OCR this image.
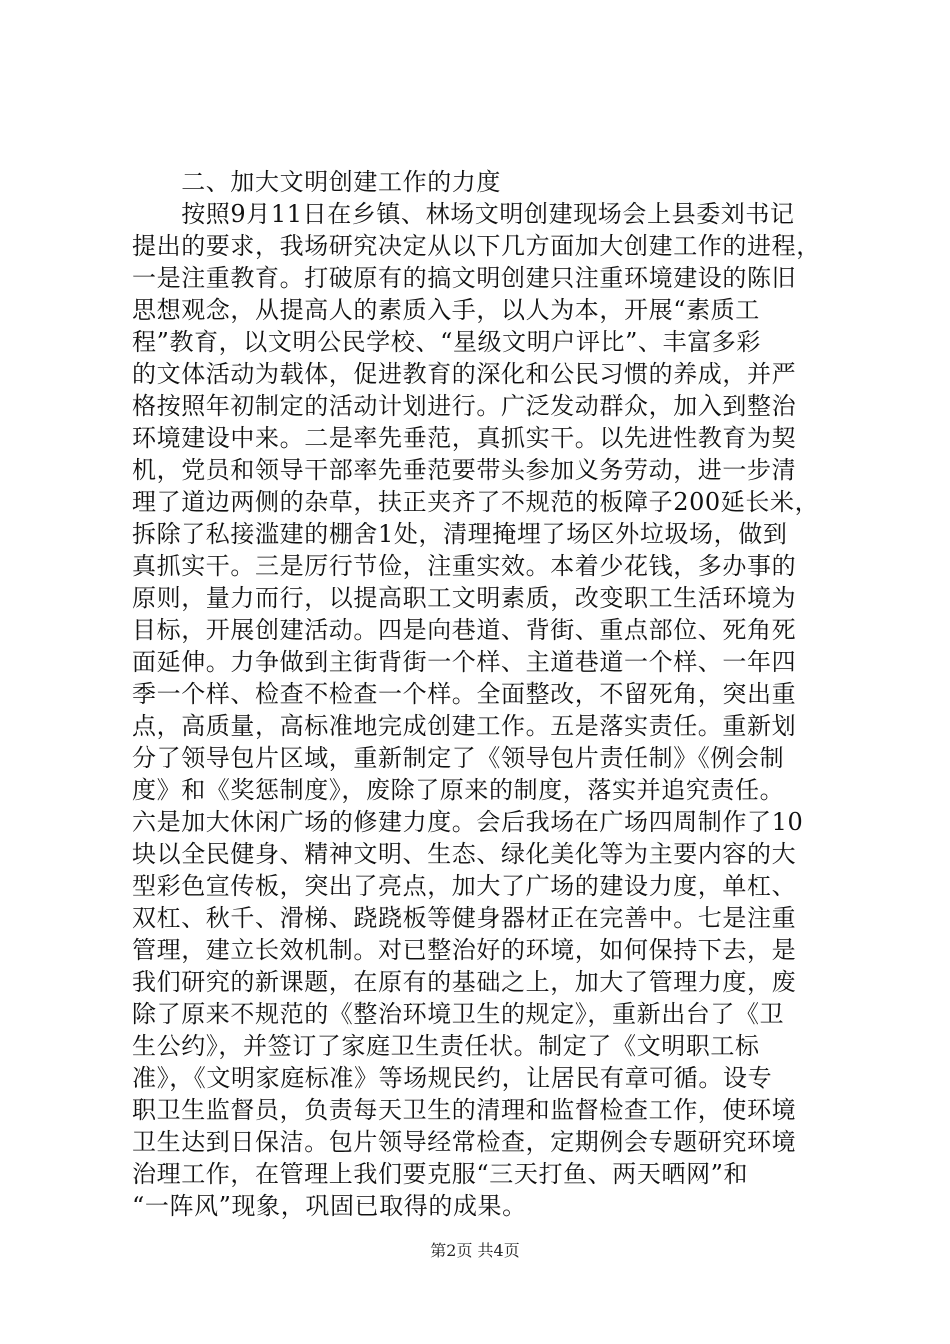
　　二、加大文明创建工作的力度
　　按照9月11日在乡镇、林场文明创建现场会上县委刘书记
提出的要求，我场研究决定从以下几方面加大创建工作的进程，
一是注重教育。打破原有的搞文明创建只注重环境建设的陈旧
思想观念，从提高人的素质入手，以人为本，开展“素质工
程”教育，以文明公民学校、“星级文明户评比”、丰富多彩
的文体活动为载体，促进教育的深化和公民习惯的养成，并严
格按照年初制定的活动计划进行。广泛发动群众，加入到整治
环境建设中来。二是率先垂范，真抓实干。以先进性教育为契
机，党员和领导干部率先垂范要带头参加义务劳动，进一步清
理了道边两侧的杂草，扶正夹齐了不规范的板障子200延长米，
拆除了私接滥建的棚舍1处，清理掩埋了场区外垃圾场，做到
真抓实干。三是厉行节俭，注重实效。本着少花钱，多办事的
原则，量力而行，以提高职工文明素质，改变职工生活环境为
目标，开展创建活动。四是向巷道、背街、重点部位、死角死
面延伸。力争做到主街背街一个样、主道巷道一个样、一年四
季一个样、检查不检查一个样。全面整改，不留死角，突出重
点，高质量，高标准地完成创建工作。五是落实责任。重新划
分了领导包片区域，重新制定了《领导包片责任制》《例会制
度》和《奖惩制度》，废除了原来的制度，落实并追究责任。
六是加大休闲广场的修建力度。会后我场在广场四周制作了10
块以全民健身、精神文明、生态、绿化美化等为主要内容的大
型彩色宣传板，突出了亮点，加大了广场的建设力度，单杠、
双杠、秋千、滑梯、跷跷板等健身器材正在完善中。七是注重
管理，建立长效机制。对已整治好的环境，如何保持下去，是
我们研究的新课题，在原有的基础之上，加大了管理力度，废
除了原来不规范的《整治环境卫生的规定》，重新出台了《卫
生公约》，并签订了家庭卫生责任状。制定了《文明职工标
准》，《文明家庭标准》等场规民约，让居民有章可循。设专
职卫生监督员，负责每天卫生的清理和监督检查工作，使环境
卫生达到日保洁。包片领导经常检查，定期例会专题研究环境
治理工作，在管理上我们要克服“三天打鱼、两天晒网”和
“一阵风”现象，巩固已取得的成果。
第2页 共4页
